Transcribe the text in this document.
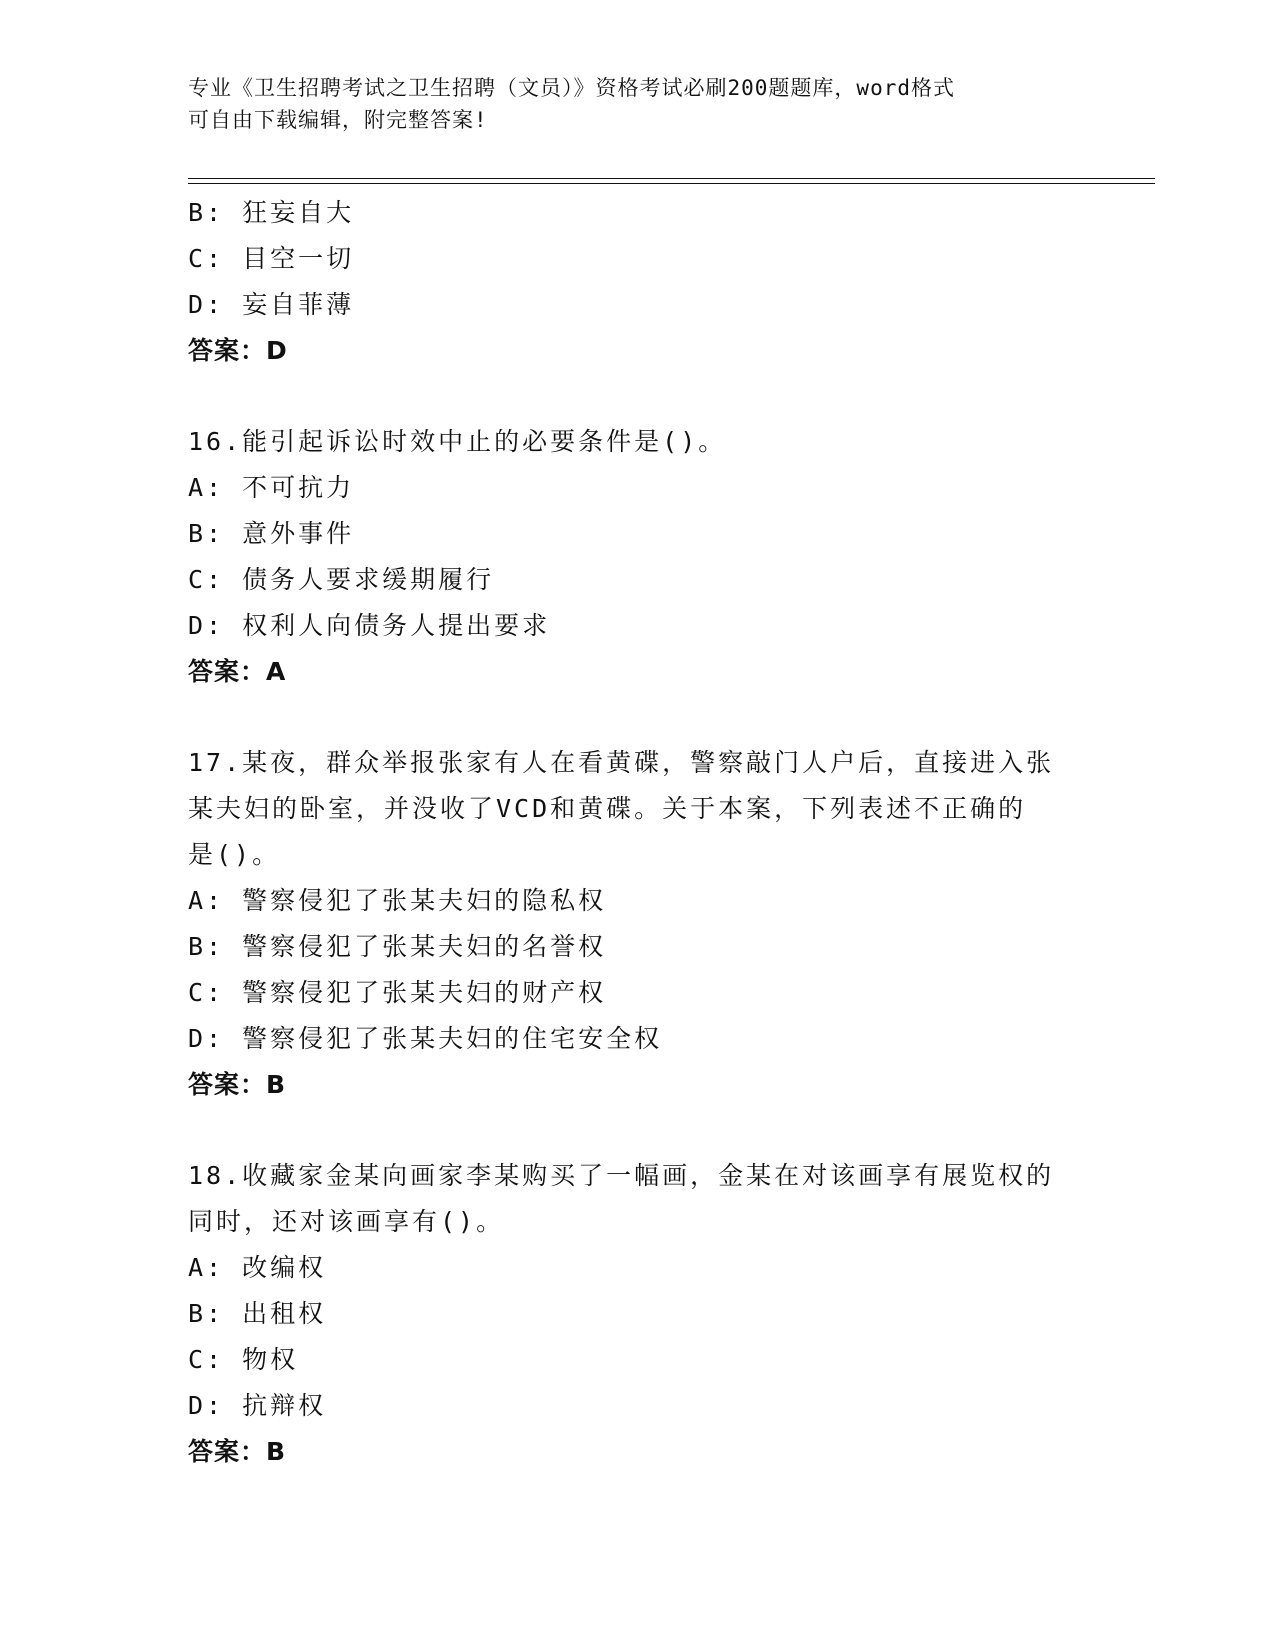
专业《卫生招聘考试之卫生招聘（文员）》资格考试必刷200题题库，word格式
可自由下载编辑，附完整答案!
B: 狂妄自大
C: 目空一切
D: 妄自菲薄
答案：D
16.能引起诉讼时效中止的必要条件是()。
A: 不可抗力
B: 意外事件
C: 债务人要求缓期履行
D: 权利人向债务人提出要求
答案：A
17.某夜，群众举报张家有人在看黄碟，警察敲门人户后，直接进入张
某夫妇的卧室，并没收了VCD和黄碟。关于本案，下列表述不正确的
是()。
A: 警察侵犯了张某夫妇的隐私权
B: 警察侵犯了张某夫妇的名誉权
C: 警察侵犯了张某夫妇的财产权
D: 警察侵犯了张某夫妇的住宅安全权
答案：B
18.收藏家金某向画家李某购买了一幅画，金某在对该画享有展览权的
同时，还对该画享有()。
A: 改编权
B: 出租权
C: 物权
D: 抗辩权
答案：B
